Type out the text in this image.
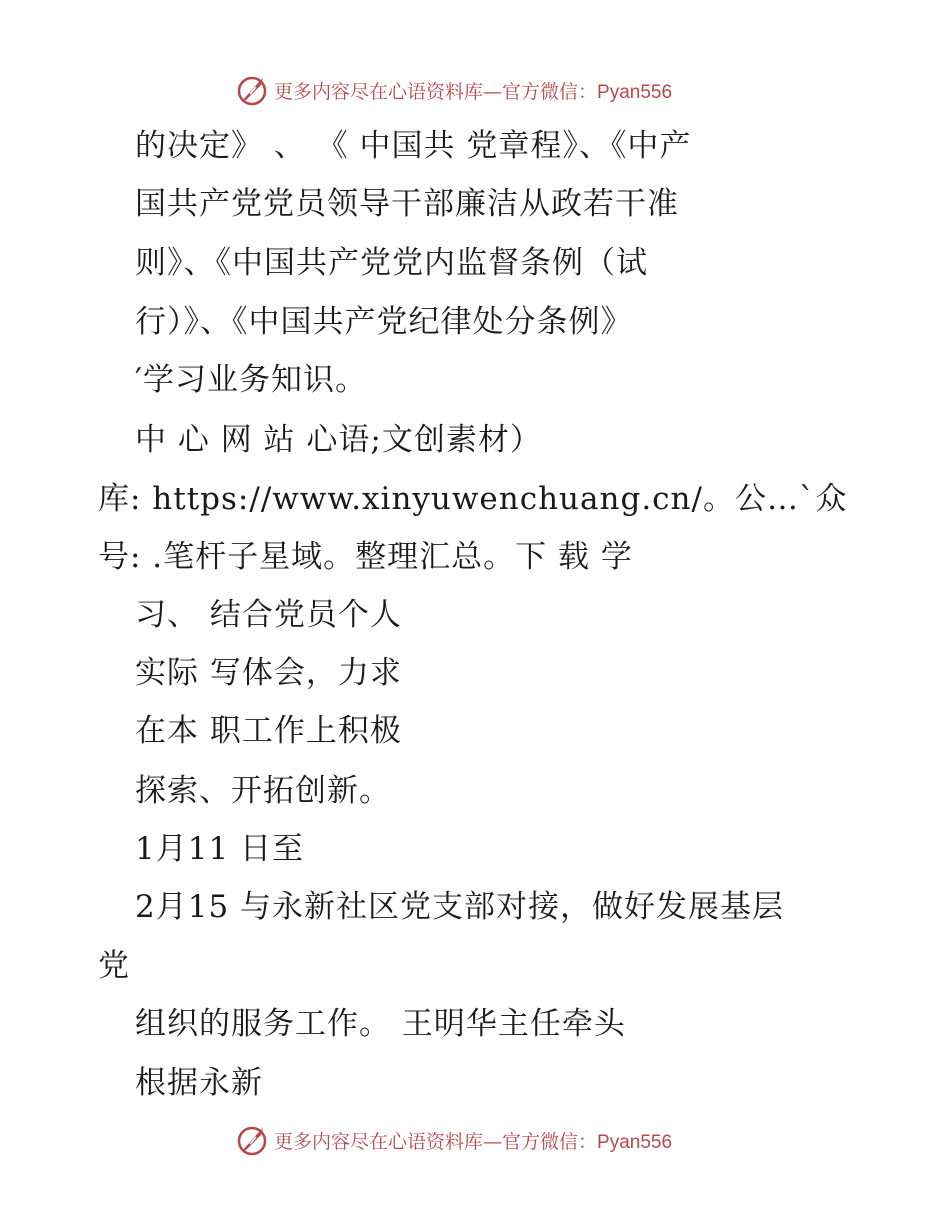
更多内容尽在心语资料库—官方微信：Pyan556
的决定》 、 《 中国共 党章程》、《中产
国共产党党员领导干部廉洁从政若干准
则》、《中国共产党党内监督条例（试
行）》、《中国共产党纪律处分条例》
′学习业务知识。
中 心 网 站 心语;文创素材）
库: https://www.xinyuwenchuang.cn/。公…`众
号: .笔杆子星域。整理汇总。下 载 学
习、 结合党员个人
实际 写体会，力求
在本 职工作上积极
探索、开拓创新。
1月11 日至
2月15 与永新社区党支部对接，做好发展基层
党
组织的服务工作。 王明华主任牵头
根据永新
更多内容尽在心语资料库—官方微信：Pyan556
